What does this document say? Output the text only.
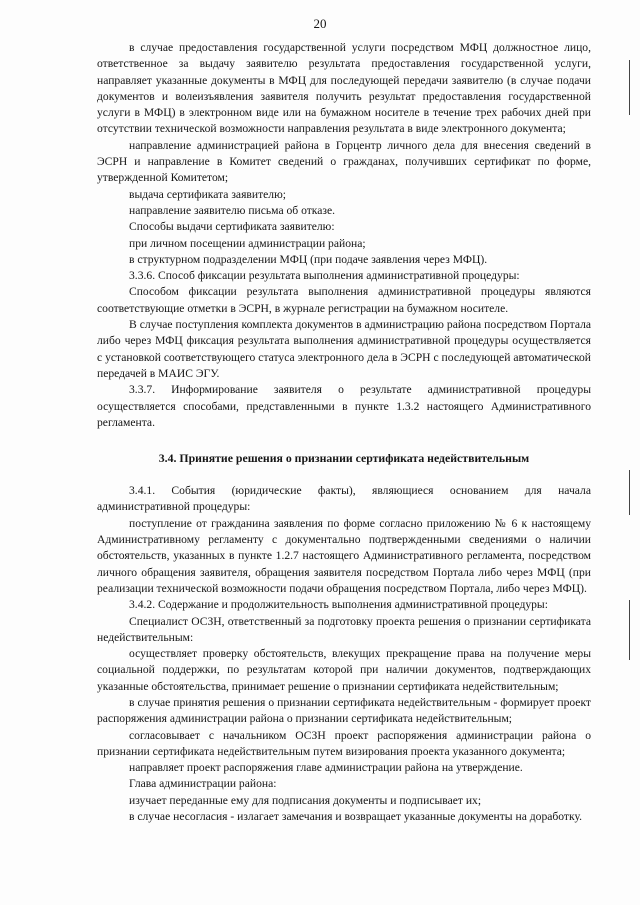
20

в случае предоставления государственной услуги посредством МФЦ должностное лицо, ответственное за выдачу заявителю результата предоставления государственной услуги, направляет указанные документы в МФЦ для последующей передачи заявителю (в случае подачи документов и волеизъявления заявителя получить результат предоставления государственной услуги в МФЦ) в электронном виде или на бумажном носителе в течение трех рабочих дней при отсутствии технической возможности направления результата в виде электронного документа;

направление администрацией района в Горцентр личного дела для внесения сведений в ЭСРН и направление в Комитет сведений о гражданах, получивших сертификат по форме, утвержденной Комитетом;

выдача сертификата заявителю;

направление заявителю письма об отказе.

Способы выдачи сертификата заявителю:

при личном посещении администрации района;

в структурном подразделении МФЦ (при подаче заявления через МФЦ).

3.3.6. Способ фиксации результата выполнения административной процедуры:

Способом фиксации результата выполнения административной процедуры являются соответствующие отметки в ЭСРН, в журнале регистрации на бумажном носителе.

В случае поступления комплекта документов в администрацию района посредством Портала либо через МФЦ фиксация результата выполнения административной процедуры осуществляется с установкой соответствующего статуса электронного дела в ЭСРН с последующей автоматической передачей в МАИС ЭГУ.

3.3.7. Информирование заявителя о результате административной процедуры осуществляется способами, представленными в пункте 1.3.2 настоящего Административного регламента.

3.4. Принятие решения о признании сертификата недействительным

3.4.1. События (юридические факты), являющиеся основанием для начала административной процедуры:

поступление от гражданина заявления по форме согласно приложению № 6 к настоящему Административному регламенту с документально подтвержденными сведениями о наличии обстоятельств, указанных в пункте 1.2.7 настоящего Административного регламента, посредством личного обращения заявителя, обращения заявителя посредством Портала либо через МФЦ (при реализации технической возможности подачи обращения посредством Портала, либо через МФЦ).

3.4.2. Содержание и продолжительность выполнения административной процедуры:

Специалист ОСЗН, ответственный за подготовку проекта решения о признании сертификата недействительным:

осуществляет проверку обстоятельств, влекущих прекращение права на получение меры социальной поддержки, по результатам которой при наличии документов, подтверждающих указанные обстоятельства, принимает решение о признании сертификата недействительным;

в случае принятия решения о признании сертификата недействительным - формирует проект распоряжения администрации района о признании сертификата недействительным;

согласовывает с начальником ОСЗН проект распоряжения администрации района о признании сертификата недействительным путем визирования проекта указанного документа;

направляет проект распоряжения главе администрации района на утверждение.

Глава администрации района:

изучает переданные ему для подписания документы и подписывает их;

в случае несогласия - излагает замечания и возвращает указанные документы на доработку.
